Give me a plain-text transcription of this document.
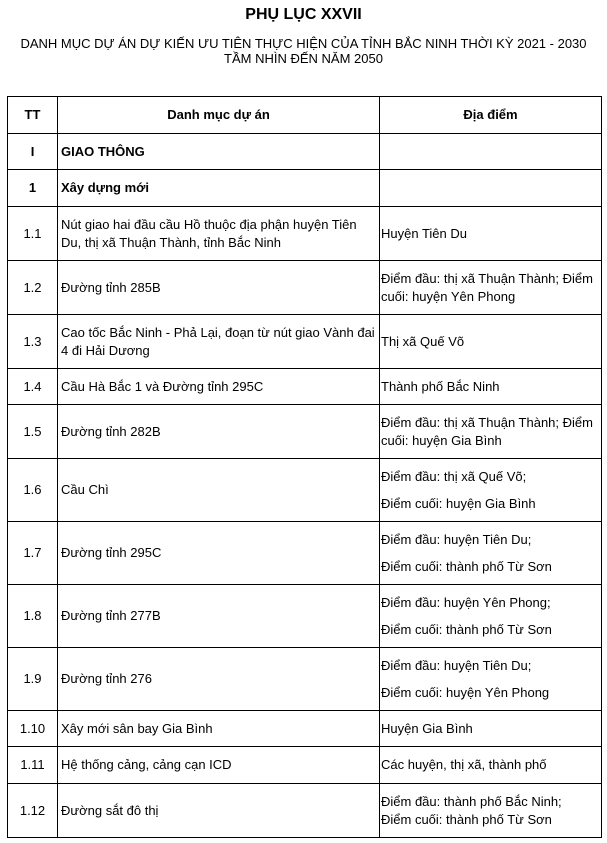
PHỤ LỤC XXVII
DANH MỤC DỰ ÁN DỰ KIẾN ƯU TIÊN THỰC HIỆN CỦA TỈNH BẮC NINH THỜI KỲ 2021 - 2030
TẦM NHÌN ĐẾN NĂM 2050
TT	Danh mục dự án	Địa điểm
I	GIAO THÔNG	
1	Xây dựng mới	
1.1	Nút giao hai đầu cầu Hồ thuộc địa phận huyện Tiên Du, thị xã Thuận Thành, tỉnh Bắc Ninh	Huyện Tiên Du
1.2	Đường tỉnh 285B	Điểm đầu: thị xã Thuận Thành; Điểm cuối: huyện Yên Phong
1.3	Cao tốc Bắc Ninh - Phả Lại, đoạn từ nút giao Vành đai 4 đi Hải Dương	Thị xã Quế Võ
1.4	Cầu Hà Bắc 1 và Đường tỉnh 295C	Thành phố Bắc Ninh
1.5	Đường tỉnh 282B	Điểm đầu: thị xã Thuận Thành; Điểm cuối: huyện Gia Bình
1.6	Cầu Chì	Điểm đầu: thị xã Quế Võ;
Điểm cuối: huyện Gia Bình

1.7	Đường tỉnh 295C	Điểm đầu: huyện Tiên Du;
Điểm cuối: thành phố Từ Sơn

1.8	Đường tỉnh 277B	Điểm đầu: huyện Yên Phong;
Điểm cuối: thành phố Từ Sơn

1.9	Đường tỉnh 276	Điểm đầu: huyện Tiên Du;
Điểm cuối: huyện Yên Phong

1.10	Xây mới sân bay Gia Bình	Huyện Gia Bình
1.11	Hệ thống cảng, cảng cạn ICD	Các huyện, thị xã, thành phố
1.12	Đường sắt đô thị	Điểm đầu: thành phố Bắc Ninh;
Điểm cuối: thành phố Từ Sơn
